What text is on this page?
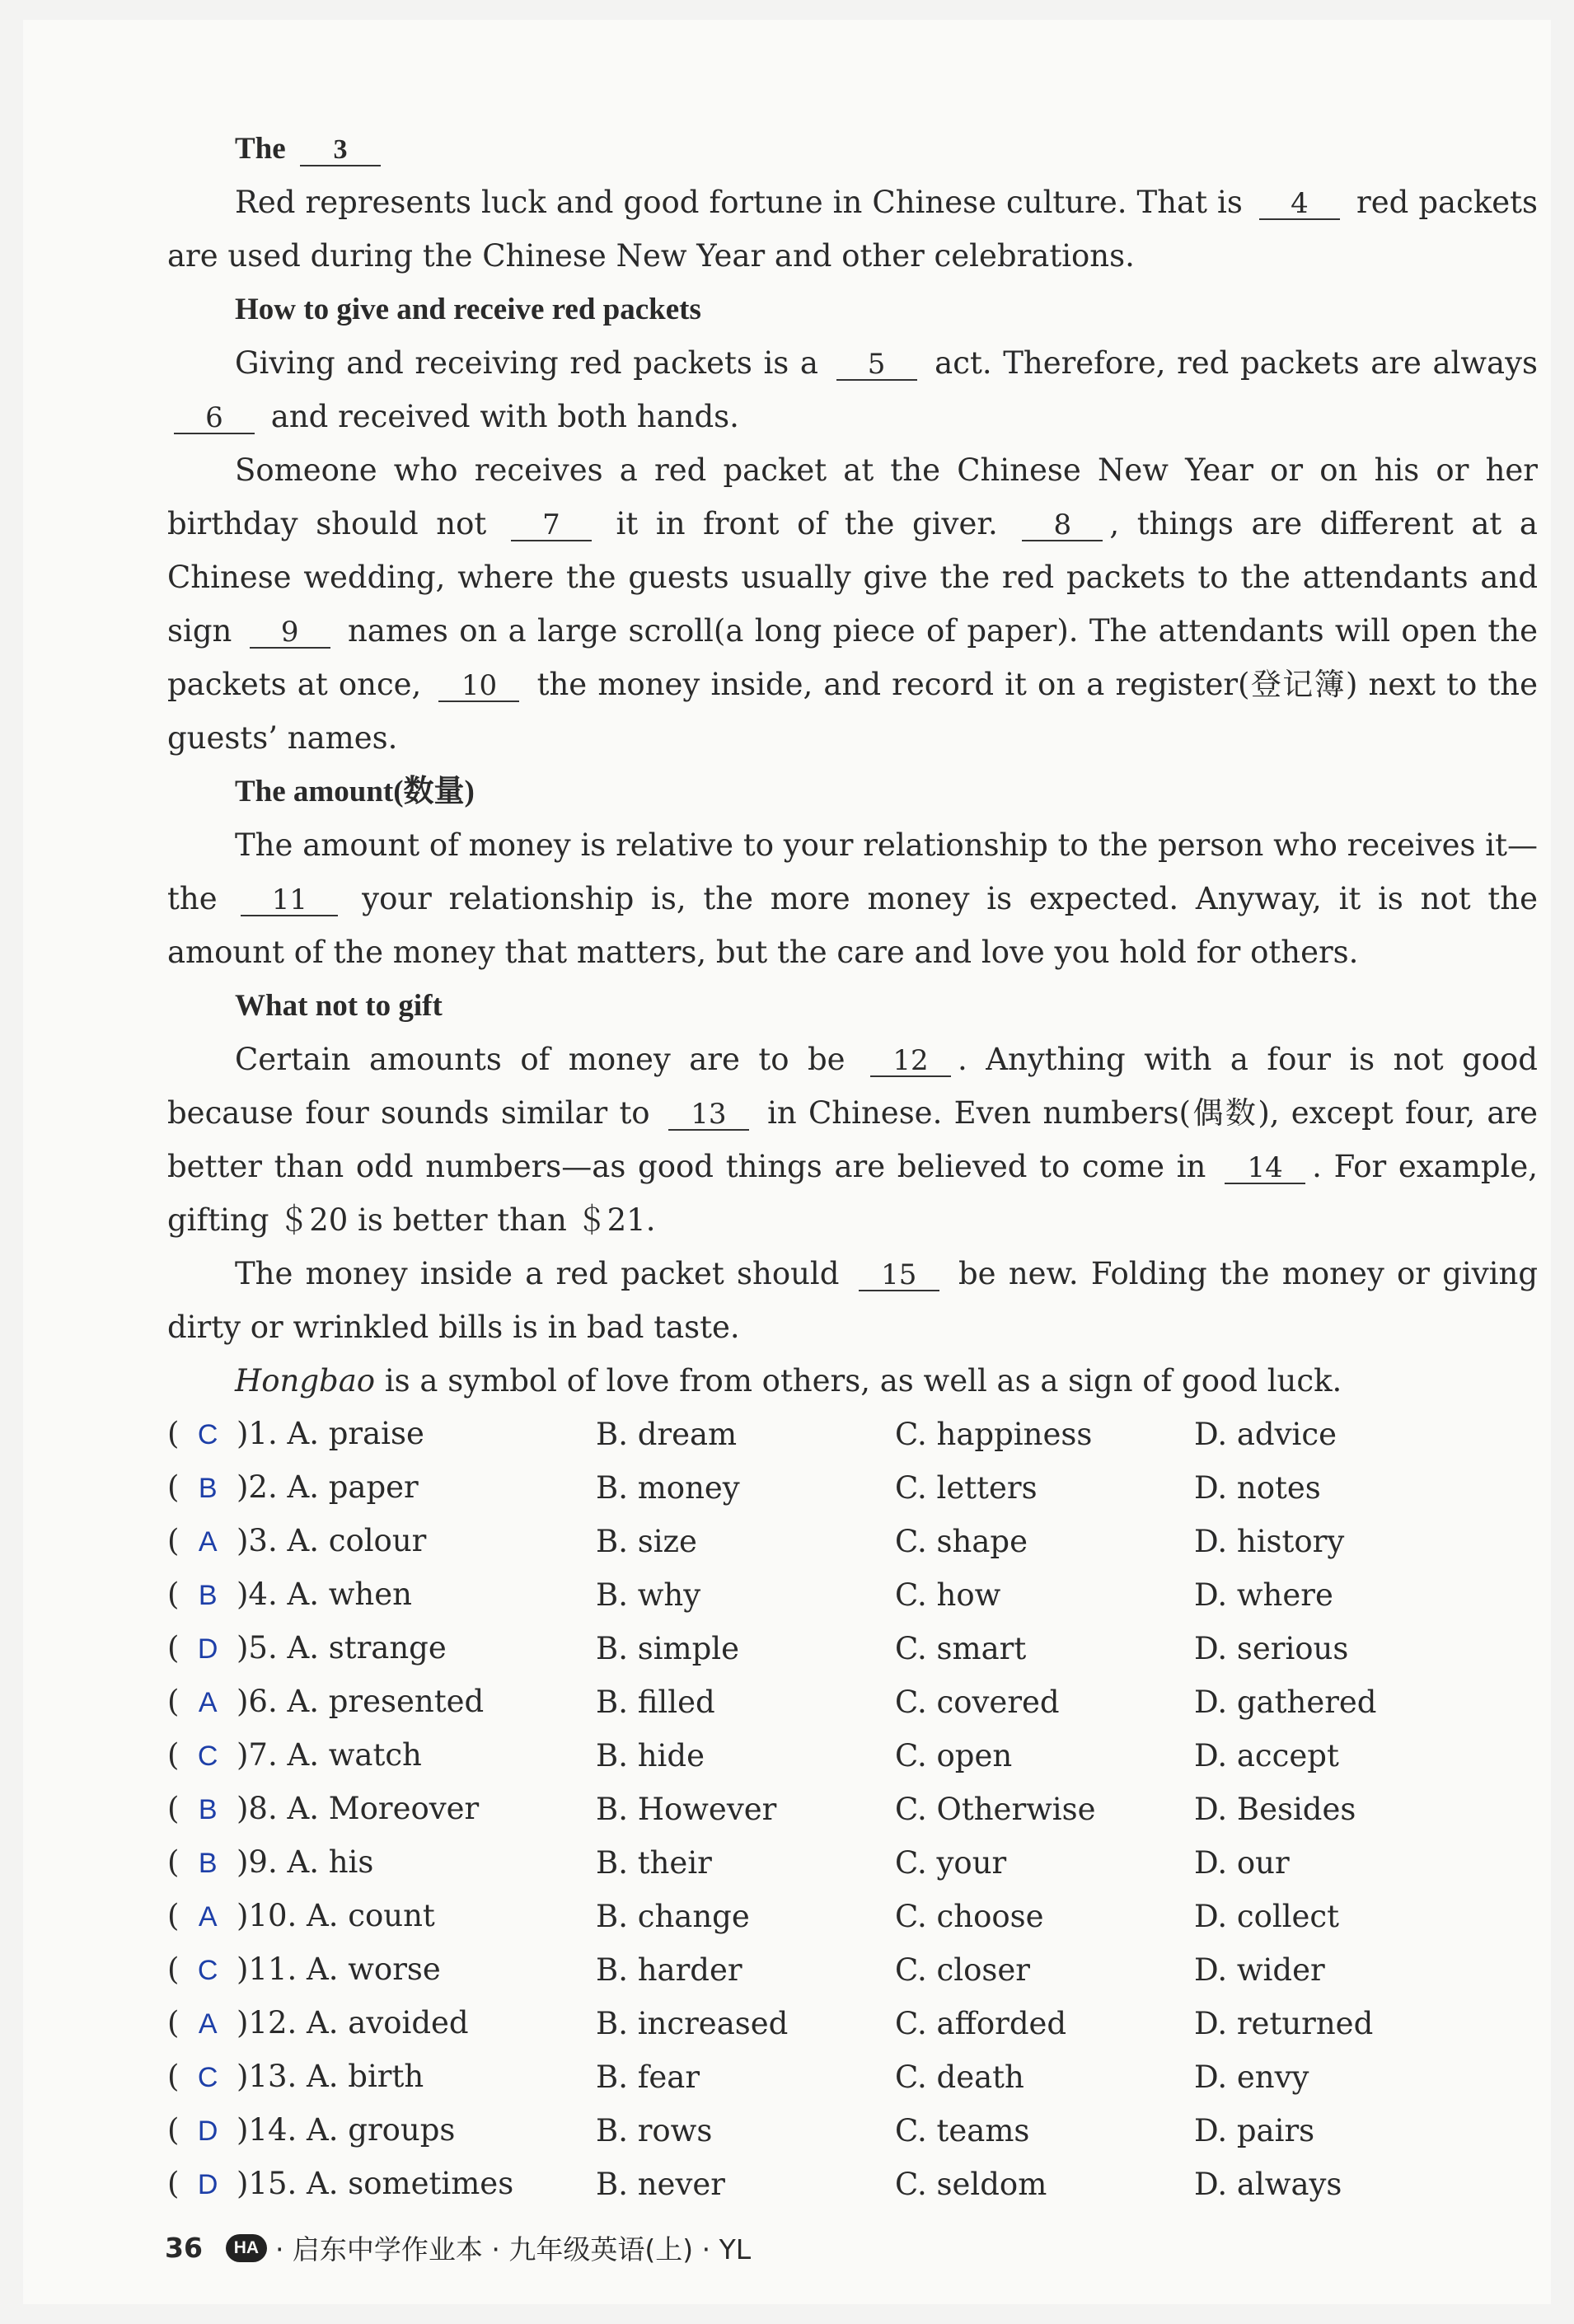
The 3

Red represents luck and good fortune in Chinese culture. That is 4 red packets are used during the Chinese New Year and other celebrations.

How to give and receive red packets

Giving and receiving red packets is a 5 act. Therefore, red packets are always 6 and received with both hands.

Someone who receives a red packet at the Chinese New Year or on his or her birthday should not 7 it in front of the giver. 8 , things are different at a Chinese wedding, where the guests usually give the red packets to the attendants and sign 9 names on a large scroll(a long piece of paper). The attendants will open the packets at once, 10 the money inside, and record it on a register(登记簿) next to the guests’ names.

The amount(数量)

The amount of money is relative to your relationship to the person who receives it—the 11 your relationship is, the more money is expected. Anyway, it is not the amount of the money that matters, but the care and love you hold for others.

What not to gift

Certain amounts of money are to be 12 . Anything with a four is not good because four sounds similar to 13 in Chinese. Even numbers(偶数), except four, are better than odd numbers—as good things are believed to come in 14 . For example, gifting ＄20 is better than ＄21.

The money inside a red packet should 15 be new. Folding the money or giving dirty or wrinkled bills is in bad taste.

Hongbao is a symbol of love from others, as well as a sign of good luck.

( C )1. A. praise	B. dream	C. happiness	D. advice
( B )2. A. paper	B. money	C. letters	D. notes
( A )3. A. colour	B. size	C. shape	D. history
( B )4. A. when	B. why	C. how	D. where
( D )5. A. strange	B. simple	C. smart	D. serious
( A )6. A. presented	B. filled	C. covered	D. gathered
( C )7. A. watch	B. hide	C. open	D. accept
( B )8. A. Moreover	B. However	C. Otherwise	D. Besides
( B )9. A. his	B. their	C. your	D. our
( A )10. A. count	B. change	C. choose	D. collect
( C )11. A. worse	B. harder	C. closer	D. wider
( A )12. A. avoided	B. increased	C. afforded	D. returned
( C )13. A. birth	B. fear	C. death	D. envy
( D )14. A. groups	B. rows	C. teams	D. pairs
( D )15. A. sometimes	B. never	C. seldom	D. always
36	HA · 启东中学作业本 · 九年级英语(上) · YL
